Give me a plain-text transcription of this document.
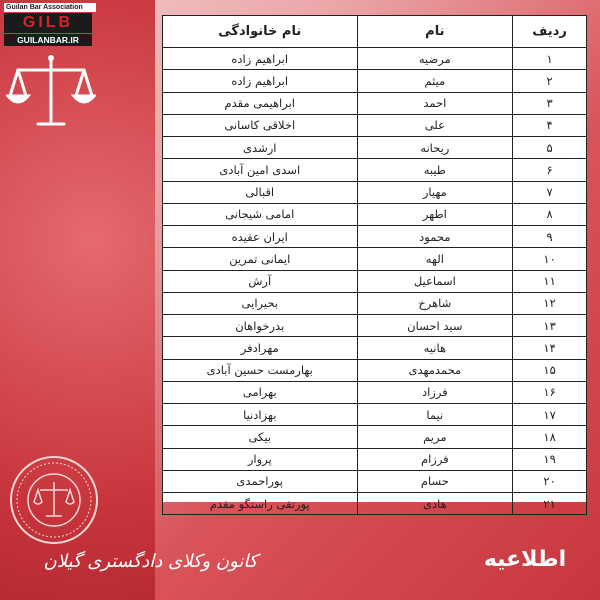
Guilan Bar Association
GILB
GUILANBAR.IR
ردیف	نام	نام خانوادگی
۱	مرضیه	ابراهیم زاده
۲	میثم	ابراهیم زاده
۳	احمد	ابراهیمی مقدم
۴	علی	اخلاقی کاسانی
۵	ریحانه	ارشدی
۶	طیبه	اسدی امین آبادی
۷	مهیار	اقبالی
۸	اطهر	امامی شیجانی
۹	محمود	ایران عقیده
۱۰	الهه	ایمانی تمرین
۱۱	اسماعیل	آرش
۱۲	شاهرخ	بحیرایی
۱۳	سید احسان	بدرخواهان
۱۴	هانیه	مهرادفر
۱۵	محمدمهدی	بهارمست حسین آبادی
۱۶	فرزاد	بهرامی
۱۷	نیما	بهزادنیا
۱۸	مریم	بیکی
۱۹	فرزام	پروار
۲۰	حسام	پوراحمدی
۲۱	هادی	پورتقی راستگو مقدم
کانون وکلای دادگستری گیلان	اطلاعیه
